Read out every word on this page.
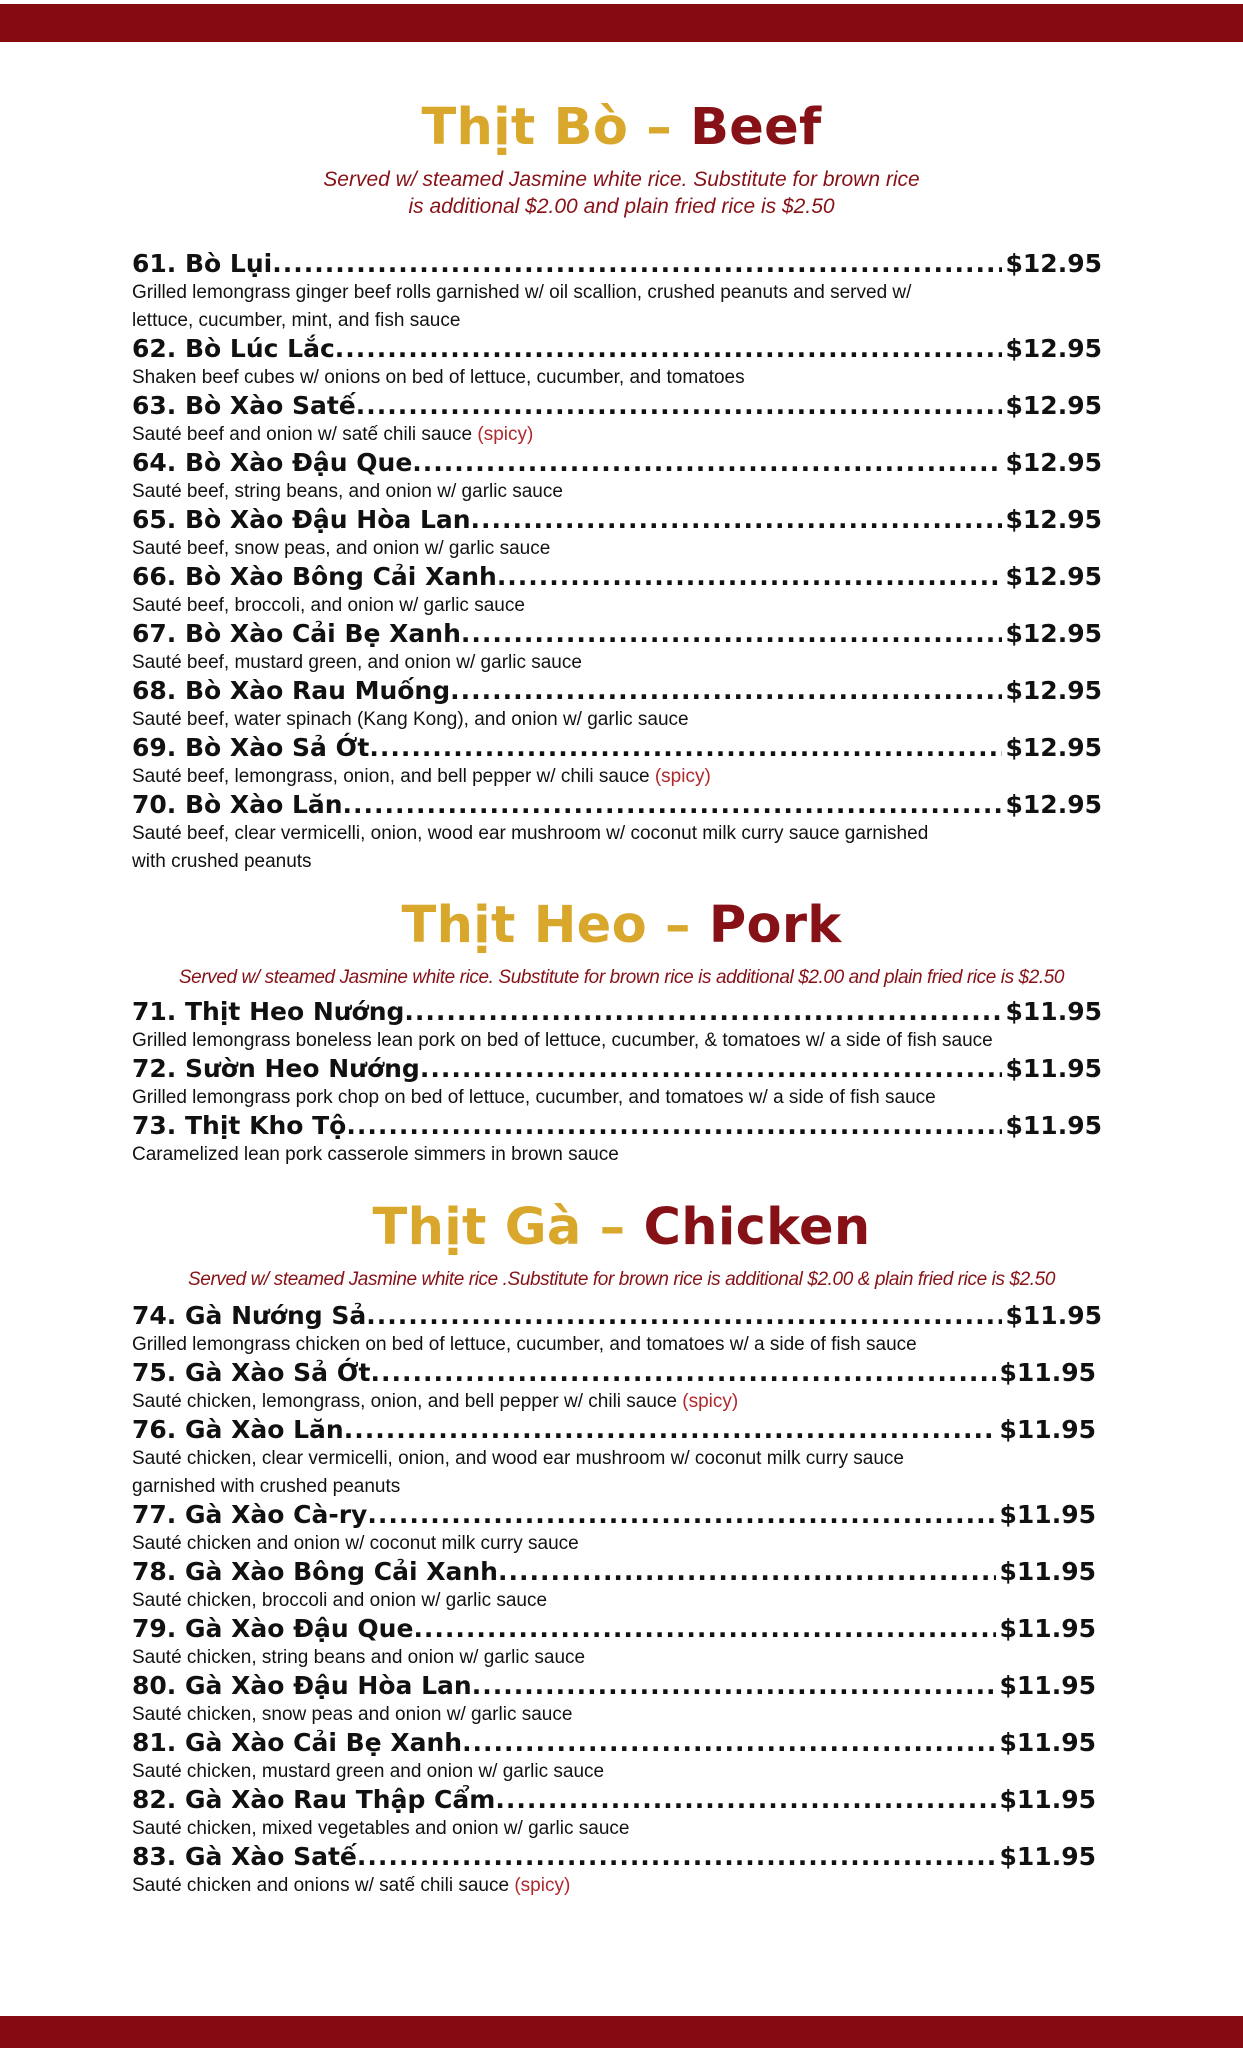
Thịt Bò – Beef

Served w/ steamed Jasmine white rice. Substitute for brown rice
is additional $2.00 and plain fried rice is $2.50

61. Bò Lụi .....	$12.95
Grilled lemongrass ginger beef rolls garnished w/ oil scallion, crushed peanuts and served w/ lettuce, cucumber, mint, and fish sauce
62. Bò Lúc Lắc .....	$12.95
Shaken beef cubes w/ onions on bed of lettuce, cucumber, and tomatoes
63. Bò Xào Satế .....	$12.95
Sauté beef and onion w/ satế chili sauce (spicy)
64. Bò Xào Đậu Que .....	$12.95
Sauté beef, string beans, and onion w/ garlic sauce
65. Bò Xào Đậu Hòa Lan .....	$12.95
Sauté beef, snow peas, and onion w/ garlic sauce
66. Bò Xào Bông Cải Xanh .....	$12.95
Sauté beef, broccoli, and onion w/ garlic sauce
67. Bò Xào Cải Bẹ Xanh .....	$12.95
Sauté beef, mustard green, and onion w/ garlic sauce
68. Bò Xào Rau Muống .....	$12.95
Sauté beef, water spinach (Kang Kong), and onion w/ garlic sauce
69. Bò Xào Sả Ớt .....	$12.95
Sauté beef, lemongrass, onion, and bell pepper w/ chili sauce (spicy)
70. Bò Xào Lăn .....	$12.95
Sauté beef, clear vermicelli, onion, wood ear mushroom w/ coconut milk curry sauce garnished with crushed peanuts
Thịt Heo – Pork

Served w/ steamed Jasmine white rice. Substitute for brown rice is additional $2.00 and plain fried rice is $2.50

71. Thịt Heo Nướng .....	$11.95
Grilled lemongrass boneless lean pork on bed of lettuce, cucumber, & tomatoes w/ a side of fish sauce
72. Sườn Heo Nướng .....	$11.95
Grilled lemongrass pork chop on bed of lettuce, cucumber, and tomatoes w/ a side of fish sauce
73. Thịt Kho Tộ .....	$11.95
Caramelized lean pork casserole simmers in brown sauce
Thịt Gà – Chicken

Served w/ steamed Jasmine white rice .Substitute for brown rice is additional $2.00 & plain fried rice is $2.50

74. Gà Nướng Sả .....	$11.95
Grilled lemongrass chicken on bed of lettuce, cucumber, and tomatoes w/ a side of fish sauce
75. Gà Xào Sả Ớt .....	$11.95
Sauté chicken, lemongrass, onion, and bell pepper w/ chili sauce (spicy)
76. Gà Xào Lăn .....	$11.95
Sauté chicken, clear vermicelli, onion, and wood ear mushroom w/ coconut milk curry sauce garnished with crushed peanuts
77. Gà Xào Cà-ry .....	$11.95
Sauté chicken and onion w/ coconut milk curry sauce
78. Gà Xào Bông Cải Xanh .....	$11.95
Sauté chicken, broccoli and onion w/ garlic sauce
79. Gà Xào Đậu Que .....	$11.95
Sauté chicken, string beans and onion w/ garlic sauce
80. Gà Xào Đậu Hòa Lan .....	$11.95
Sauté chicken, snow peas and onion w/ garlic sauce
81. Gà Xào Cải Bẹ Xanh .....	$11.95
Sauté chicken, mustard green and onion w/ garlic sauce
82. Gà Xào Rau Thập Cẩm .....	$11.95
Sauté chicken, mixed vegetables and onion w/ garlic sauce
83. Gà Xào Satế .....	$11.95
Sauté chicken and onions w/ satế chili sauce (spicy)
